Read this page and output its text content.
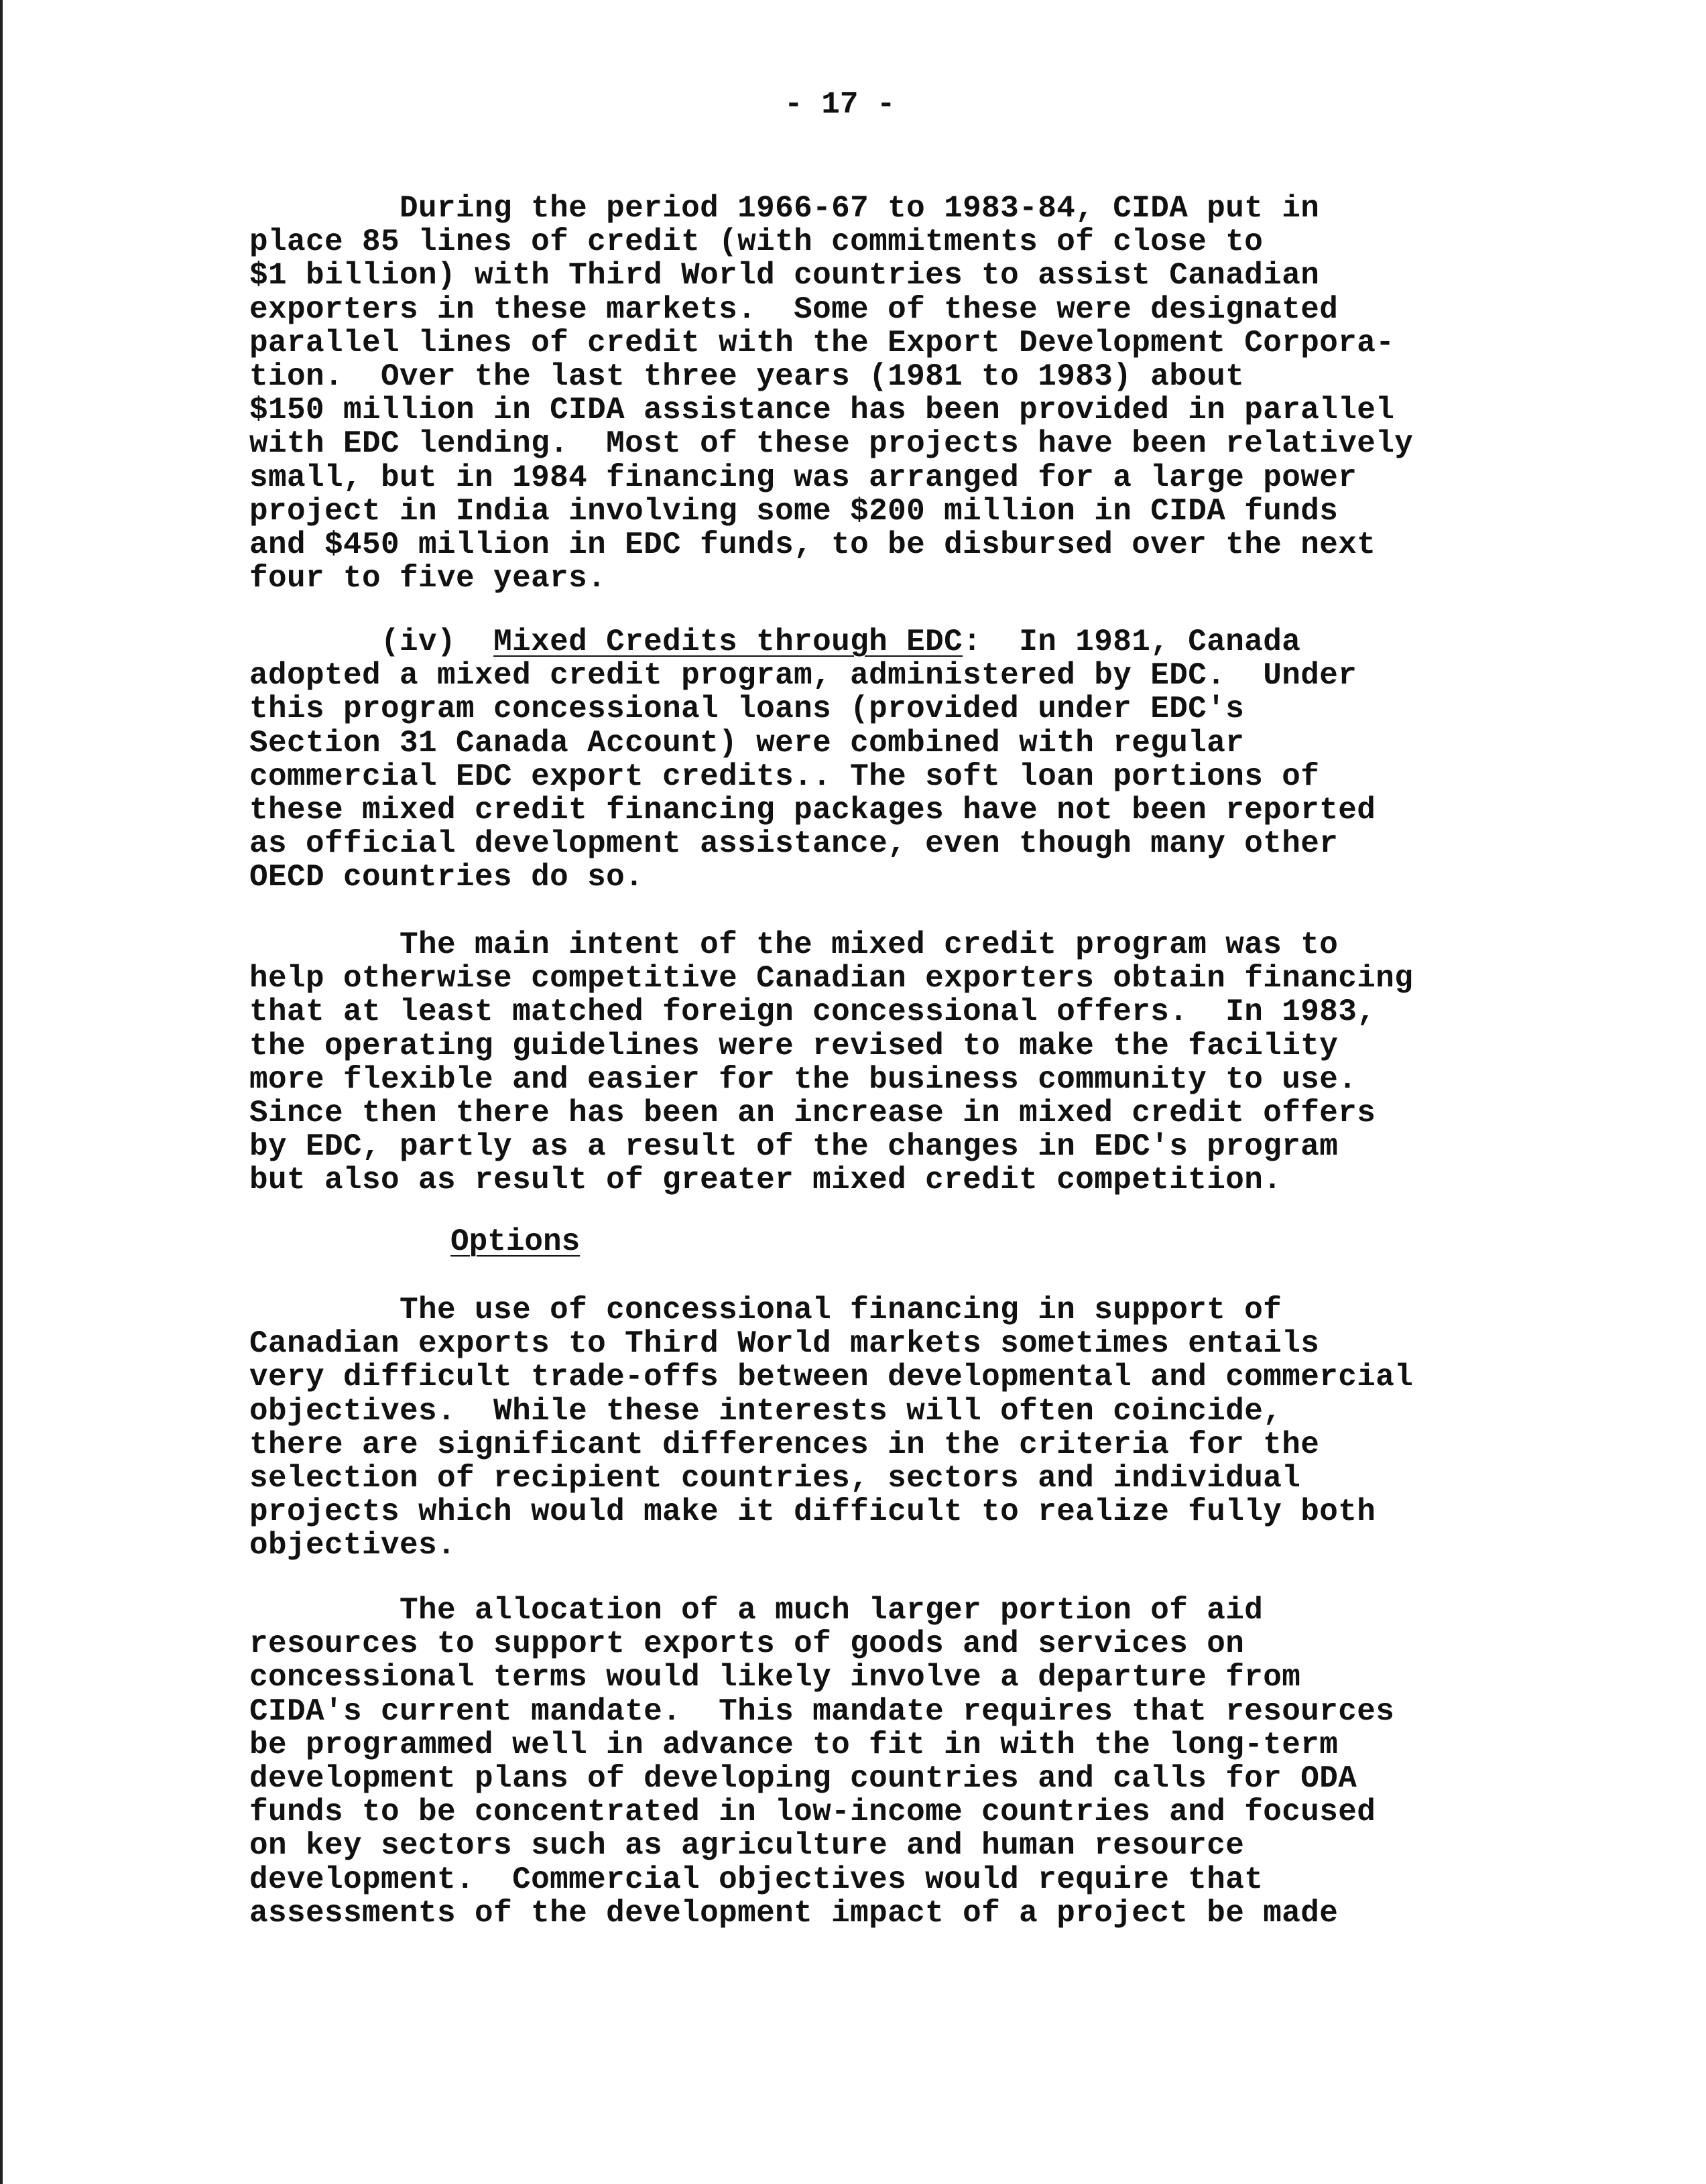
- 17 -

During the period 1966-67 to 1983-84, CIDA put in
place 85 lines of credit (with commitments of close to
$1 billion) with Third World countries to assist Canadian
exporters in these markets.  Some of these were designated
parallel lines of credit with the Export Development Corpora-
tion.  Over the last three years (1981 to 1983) about
$150 million in CIDA assistance has been provided in parallel
with EDC lending.  Most of these projects have been relatively
small, but in 1984 financing was arranged for a large power
project in India involving some $200 million in CIDA funds
and $450 million in EDC funds, to be disbursed over the next
four to five years.

(iv)  Mixed Credits through EDC:  In 1981, Canada
adopted a mixed credit program, administered by EDC.  Under
this program concessional loans (provided under EDC's
Section 31 Canada Account) were combined with regular
commercial EDC export credits.. The soft loan portions of
these mixed credit financing packages have not been reported
as official development assistance, even though many other
OECD countries do so.

The main intent of the mixed credit program was to
help otherwise competitive Canadian exporters obtain financing
that at least matched foreign concessional offers.  In 1983,
the operating guidelines were revised to make the facility
more flexible and easier for the business community to use.
Since then there has been an increase in mixed credit offers
by EDC, partly as a result of the changes in EDC's program
but also as result of greater mixed credit competition.

Options

The use of concessional financing in support of
Canadian exports to Third World markets sometimes entails
very difficult trade-offs between developmental and commercial
objectives.  While these interests will often coincide,
there are significant differences in the criteria for the
selection of recipient countries, sectors and individual
projects which would make it difficult to realize fully both
objectives.

The allocation of a much larger portion of aid
resources to support exports of goods and services on
concessional terms would likely involve a departure from
CIDA's current mandate.  This mandate requires that resources
be programmed well in advance to fit in with the long-term
development plans of developing countries and calls for ODA
funds to be concentrated in low-income countries and focused
on key sectors such as agriculture and human resource
development.  Commercial objectives would require that
assessments of the development impact of a project be made
